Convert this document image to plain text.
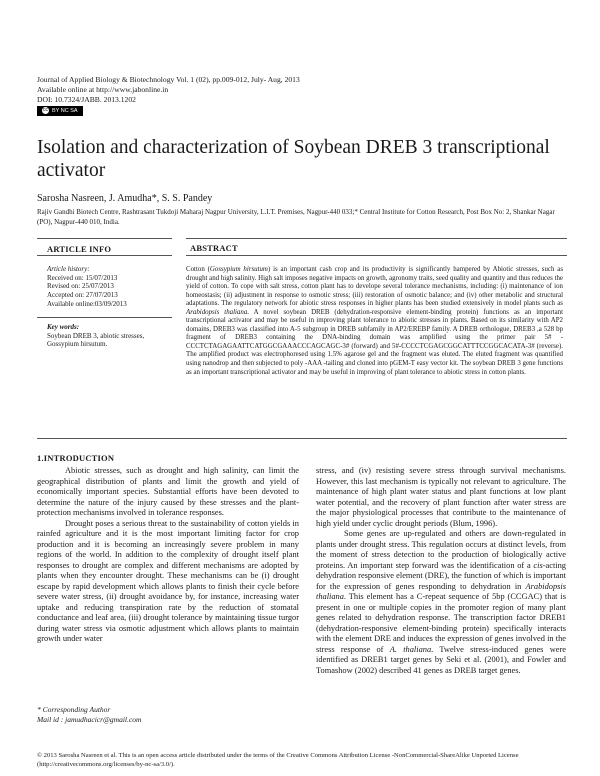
Journal of Applied Biology & Biotechnology Vol. 1 (02), pp.009-012, July- Aug, 2013
Available online at http://www.jabonline.in
DOI: 10.7324/JABB. 2013.1202
cc BY NC SA
Isolation and characterization of Soybean DREB 3 transcriptional activator
Sarosha Nasreen, J. Amudha*, S. S. Pandey
Rajiv Gandhi Biotech Centre, Rashtrasant Tukdoji Maharaj Nagpur University, L.I.T. Premises, Nagpur-440 033;* Central Institute for Cotton Research, Post Box No: 2, Shankar Nagar (PO), Nagpur-440 010, India.
ARTICLE INFO	ABSTRACT
Article history:
Received on: 15/07/2013
Revised on: 25/07/2013
Accepted on: 27/07/2013
Available online:03/09/2013
Key words:
Soybean DREB 3, abiotic stresses, Gossypium hirsutum.
Cotton (Gossypium hirsutum) is an important cash crop and its productivity is significantly hampered by Abiotic stresses, such as drought and high salinity. High salt imposes negative impacts on growth, agronomy traits, seed quality and quantity and thus reduces the yield of cotton. To cope with salt stress, cotton plant has to develope several tolerance mechanisms, including: (i) maintenance of ion homeostasis; (ii) adjustment in response to osmotic stress; (iii) restoration of osmotic balance; and (iv) other metabolic and structural adaptations. The regulatory network for abiotic stress responses in higher plants has been studied extensively in model plants such as Arabidopsis thaliana. A novel soybean DREB (dehydration-responsive element-binding protein) functions as an important transcriptional activator and may be useful in improving plant tolerance to abiotic stresses in plants. Based on its similarity with AP2 domains, DREB3 was classified into A-5 subgroup in DREB subfamily in AP2/EREBP family. A DREB orthologue, DREB3 ,a 528 bp fragment of DREB3 containing the DNA-binding domain was amplified using the primer pair 5# -CCCTCTAGAGAATTCATGGCGAAACCCAGCAGC-3# (forward) and 5#-CCCCTCGAGCGGCATTTCCGGCACATA-3# (reverse). The amplified product was electrophoresed using 1.5% agarose gel and the fragment was eluted. The eluted fragment was quantified using nanodrop and then subjected to poly -AAA -tailing and cloned into pGEM-T easy vector kit. The soybean DREB 3 gene functions as an important transcriptional activator and may be useful in improving of plant tolerance to abiotic stress in cotton plants.
1.INTRODUCTION

Abiotic stresses, such as drought and high salinity, can limit the geographical distribution of plants and limit the growth and yield of economically important species. Substantial efforts have been devoted to determine the nature of the injury caused by these stresses and the plant-protection mechanisms involved in tolerance responses.

Drought poses a serious threat to the sustainability of cotton yields in rainfed agriculture and it is the most important limiting factor for crop production and it is becoming an increasingly severe problem in many regions of the world. In addition to the complexity of drought itself plant responses to drought are complex and different mechanisms are adopted by plants when they encounter drought. These mechanisms can be (i) drought escape by rapid development which allows plants to finish their cycle before severe water stress, (ii) drought avoidance by, for instance, increasing water uptake and reducing transpiration rate by the reduction of stomatal conductance and leaf area, (iii) drought tolerance by maintaining tissue turgor during water stress via osmotic adjustment which allows plants to maintain growth under water

stress, and (iv) resisting severe stress through survival mechanisms. However, this last mechanism is typically not relevant to agriculture. The maintenance of high plant water status and plant functions at low plant water potential, and the recovery of plant function after water stress are the major physiological processes that contribute to the maintenance of high yield under cyclic drought periods (Blum, 1996).

Some genes are up-regulated and others are down-regulated in plants under drought stress. This regulation occurs at distinct levels, from the moment of stress detection to the production of biologically active proteins. An important step forward was the identification of a cis-acting dehydration responsive element (DRE), the function of which is important for the expression of genes responding to dehydration in Arabidopsis thaliana. This element has a C-repeat sequence of 5bp (CCGAC) that is present in one or multiple copies in the promoter region of many plant genes related to dehydration response. The transcription factor DREB1 (dehydration-responsive element-binding protein) specifically interacts with the element DRE and induces the expression of genes involved in the stress response of A. thaliana. Twelve stress-induced genes were identified as DREB1 target genes by Seki et al. (2001), and Fowler and Tomashow (2002) described 41 genes as DREB target genes.

* Corresponding Author
Mail id : jamudhacicr@gmail.com
© 2013 Sarosha Nasreen et al. This is an open access article distributed under the terms of the Creative Commons Attribution License -NonCommercial-ShareAlike Unported License (http://creativecommons.org/licenses/by-nc-sa/3.0/).
